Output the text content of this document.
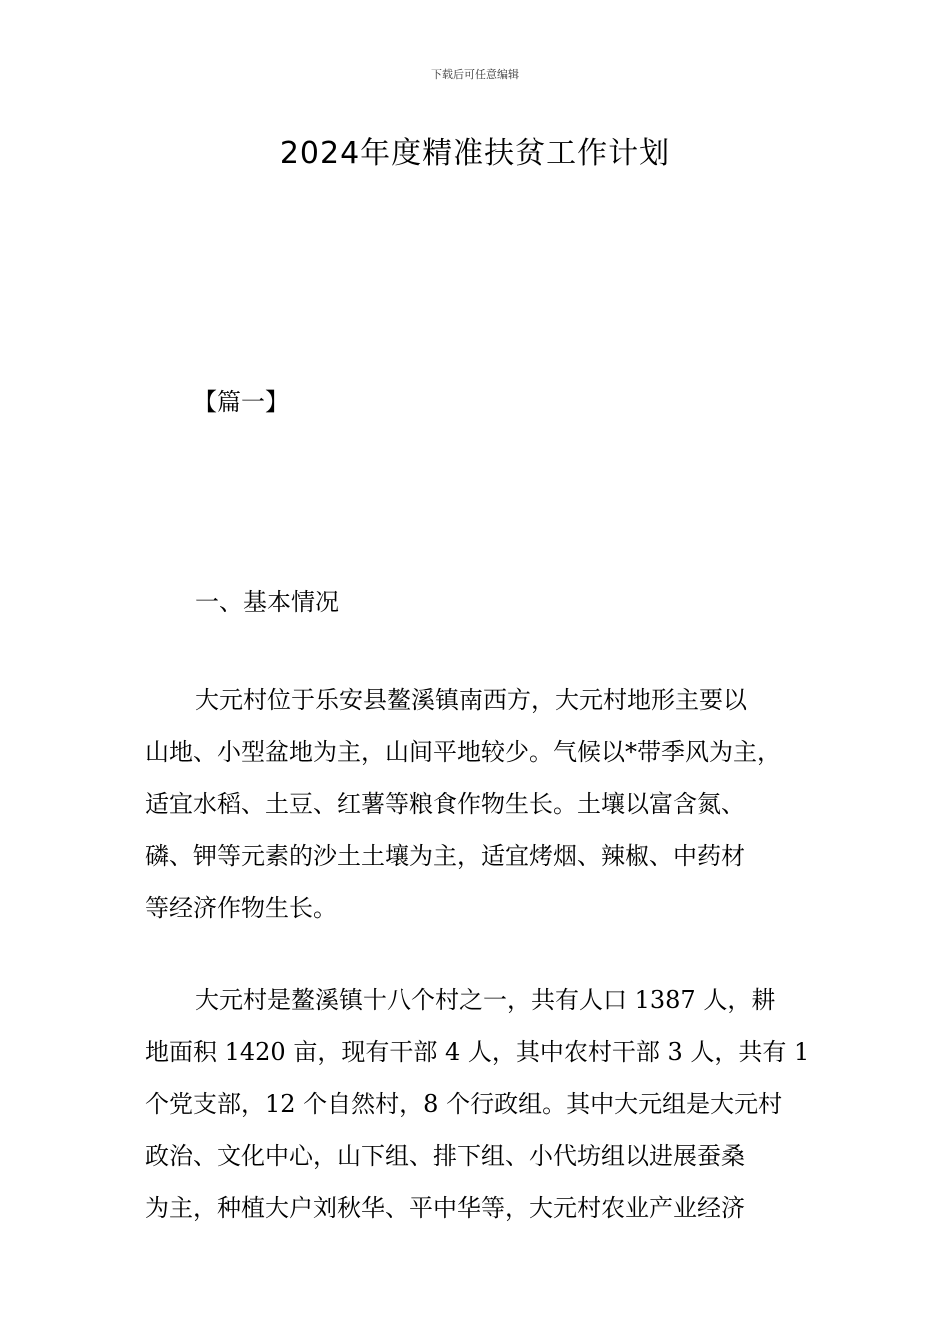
下载后可任意编辑
2024年度精准扶贫工作计划
【篇一】
一、基本情况
大元村位于乐安县鳌溪镇南西方，大元村地形主要以
山地、小型盆地为主，山间平地较少。气候以*带季风为主，
适宜水稻、土豆、红薯等粮食作物生长。土壤以富含氮、
磷、钾等元素的沙土土壤为主，适宜烤烟、辣椒、中药材
等经济作物生长。
大元村是鳌溪镇十八个村之一，共有人口 1387 人，耕
地面积 1420 亩，现有干部 4 人，其中农村干部 3 人，共有 1
个党支部，12 个自然村，8 个行政组。其中大元组是大元村
政治、文化中心，山下组、排下组、小代坊组以进展蚕桑
为主，种植大户刘秋华、平中华等，大元村农业产业经济
